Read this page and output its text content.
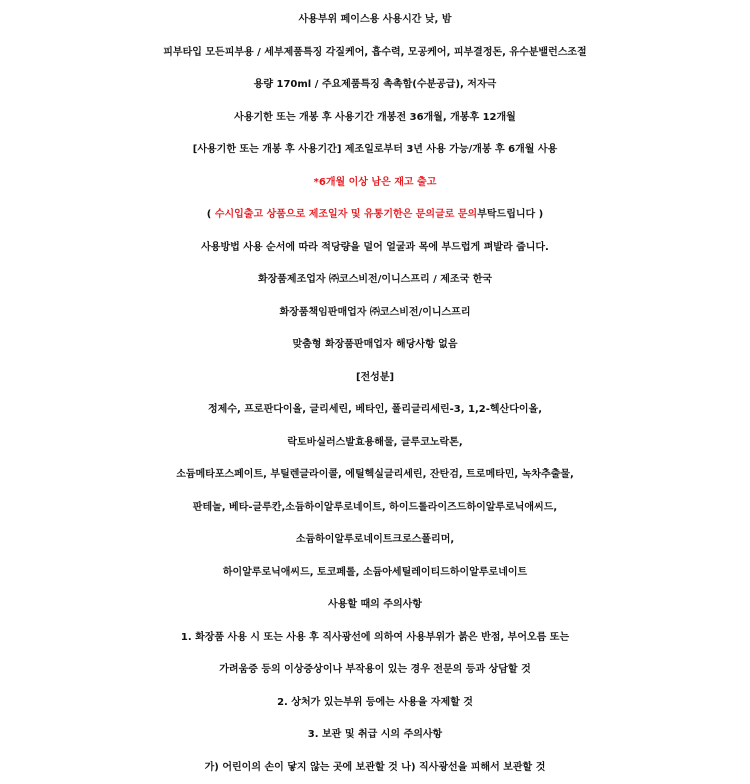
사용부위 페이스용 사용시간 낮, 밤
피부타입 모든피부용 / 세부제품특징 각질케어, 흡수력, 모공케어, 피부결정돈, 유수분밸런스조절
용량 170ml / 주요제품특징 촉촉함(수분공급), 저자극
사용기한 또는 개봉 후 사용기간 개봉전 36개월, 개봉후 12개월
[사용기한 또는 개봉 후 사용기간] 제조일로부터 3년 사용 가능/개봉 후 6개월 사용
*6개월 이상 남은 재고 출고
( 수시입출고 상품으로 제조일자 및 유통기한은 문의글로 문의부탁드립니다 )
사용방법 사용 순서에 따라 적당량을 덜어 얼굴과 목에 부드럽게 펴발라 줍니다.
화장품제조업자 ㈜코스비전/이니스프리 / 제조국 한국
화장품책임판매업자 ㈜코스비전/이니스프리
맞춤형 화장품판매업자 해당사항 없음
[전성분]
정제수, 프로판다이올, 글리세린, 베타인, 폴리글리세린-3, 1,2-헥산다이올,
락토바실러스발효용해물, 글루코노락톤,
소듐메타포스페이트, 부틸렌글라이콜, 에틸헥실글리세린, 잔탄검, 트로메타민, 녹차추출물,
판테놀, 베타-글루칸,소듐하이알루로네이트, 하이드롤라이즈드하이알루로닉애씨드,
소듐하이알루로네이트크로스폴리머,
하이알루로닉애씨드, 토코페롤, 소듐아세틸레이티드하이알루로네이트
사용할 때의 주의사항
1. 화장품 사용 시 또는 사용 후 직사광선에 의하여 사용부위가 붉은 반점, 부어오름 또는
가려움증 등의 이상증상이나 부작용이 있는 경우 전문의 등과 상담할 것
2. 상처가 있는부위 등에는 사용을 자제할 것
3. 보관 및 취급 시의 주의사항
가) 어린이의 손이 닿지 않는 곳에 보관할 것 나) 직사광선을 피해서 보관할 것
